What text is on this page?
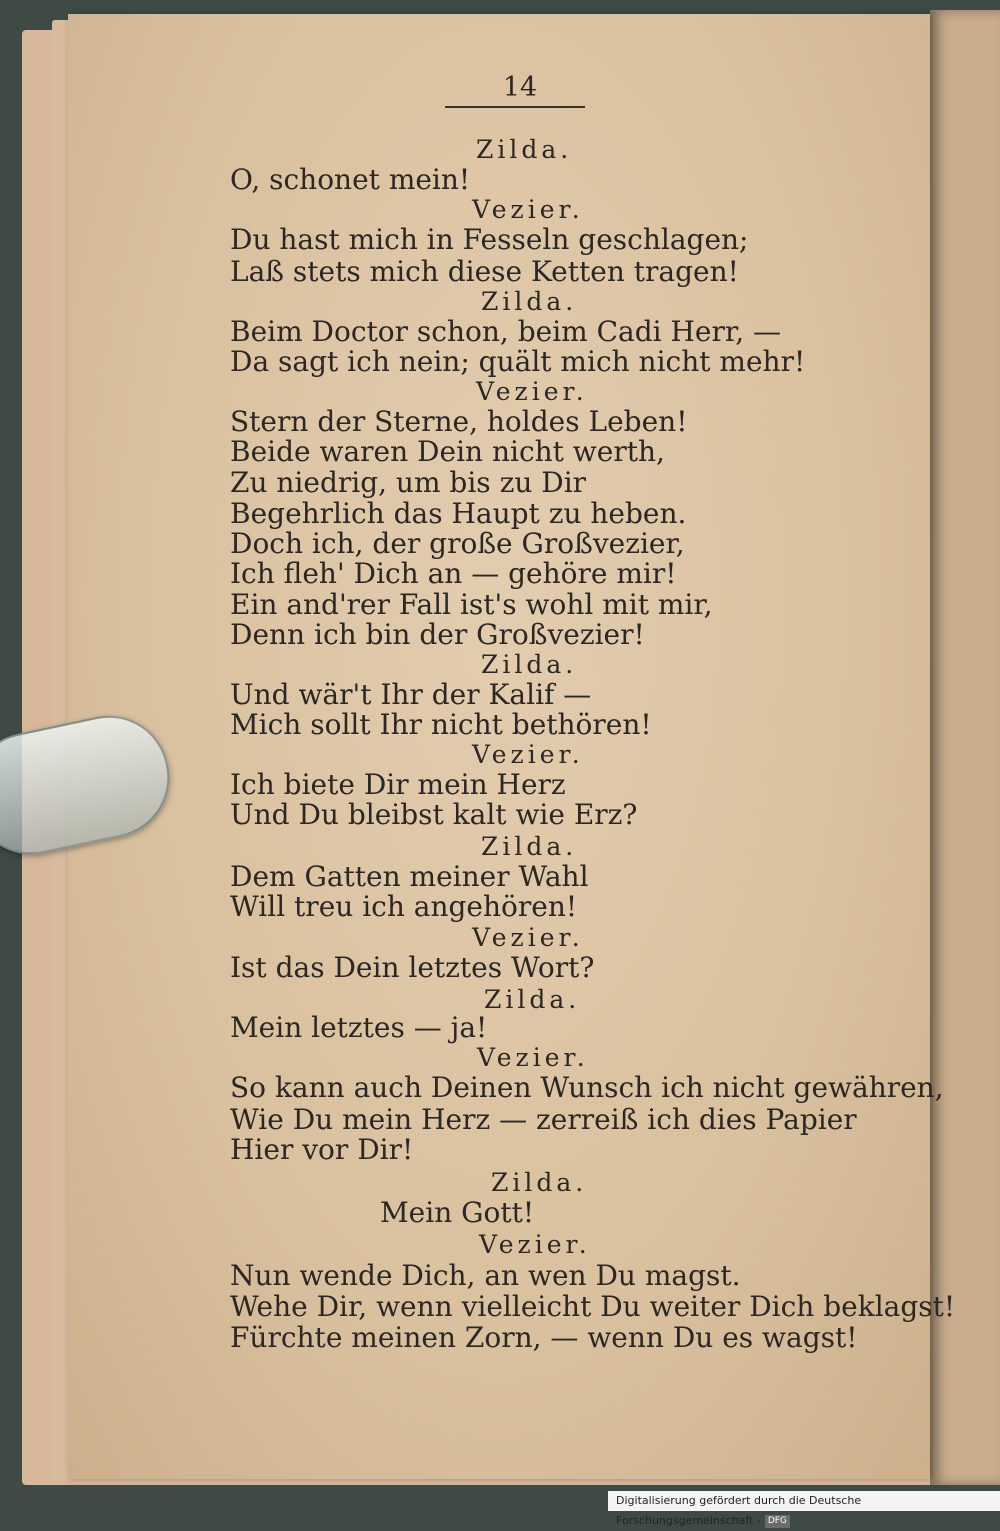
14
Zilda.
O, schonet mein!
Vezier.
Du hast mich in Fesseln geschlagen;
Laß stets mich diese Ketten tragen!
Zilda.
Beim Doctor schon, beim Cadi Herr, —
Da sagt ich nein; quält mich nicht mehr!
Vezier.
Stern der Sterne, holdes Leben!
Beide waren Dein nicht werth,
Zu niedrig, um bis zu Dir
Begehrlich das Haupt zu heben.
Doch ich, der große Großvezier,
Ich fleh' Dich an — gehöre mir!
Ein and'rer Fall ist's wohl mit mir,
Denn ich bin der Großvezier!
Zilda.
Und wär't Ihr der Kalif —
Mich sollt Ihr nicht bethören!
Vezier.
Ich biete Dir mein Herz
Und Du bleibst kalt wie Erz?
Zilda.
Dem Gatten meiner Wahl
Will treu ich angehören!
Vezier.
Ist das Dein letztes Wort?
Zilda.
Mein letztes — ja!
Vezier.
So kann auch Deinen Wunsch ich nicht gewähren,
Wie Du mein Herz — zerreiß ich dies Papier
Hier vor Dir!
Zilda.
Mein Gott!
Vezier.
Nun wende Dich, an wen Du magst.
Wehe Dir, wenn vielleicht Du weiter Dich beklagst!
Fürchte meinen Zorn, — wenn Du es wagst!
Digitalisierung gefördert durch die Deutsche Forschungsgemeinschaft - DFG
